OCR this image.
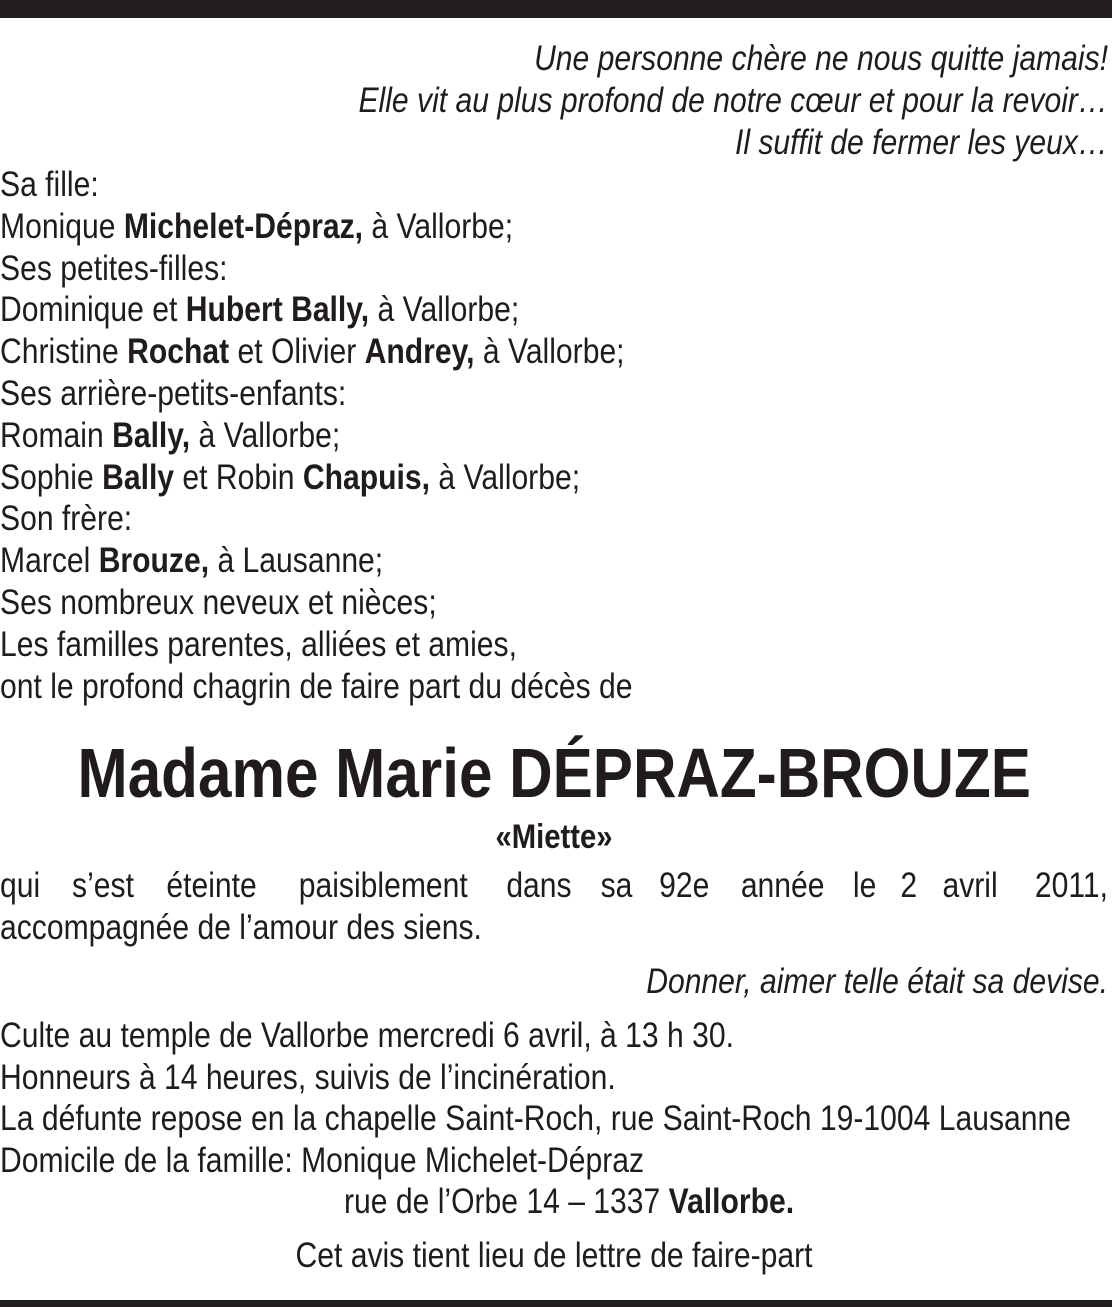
Une personne chère ne nous quitte jamais!
Elle vit au plus profond de notre cœur et pour la revoir…
Il suffit de fermer les yeux…
Sa fille:
Monique Michelet-Dépraz, à Vallorbe;
Ses petites-filles:
Dominique et Hubert Bally, à Vallorbe;
Christine Rochat et Olivier Andrey, à Vallorbe;
Ses arrière-petits-enfants:
Romain Bally, à Vallorbe;
Sophie Bally et Robin Chapuis, à Vallorbe;
Son frère:
Marcel Brouze, à Lausanne;
Ses nombreux neveux et nièces;
Les familles parentes, alliées et amies,
ont le profond chagrin de faire part du décès de
Madame Marie DÉPRAZ-BROUZE
«Miette»
qui s’est éteinte paisiblement dans sa 92e année le 2 avril 2011,
accompagnée de l’amour des siens.
Donner, aimer telle était sa devise.
Culte au temple de Vallorbe mercredi 6 avril, à 13 h 30.
Honneurs à 14 heures, suivis de l’incinération.
La défunte repose en la chapelle Saint-Roch, rue Saint-Roch 19-1004 Lausanne
Domicile de la famille: Monique Michelet-Dépraz
rue de l’Orbe 14 – 1337 Vallorbe.
Cet avis tient lieu de lettre de faire-part
